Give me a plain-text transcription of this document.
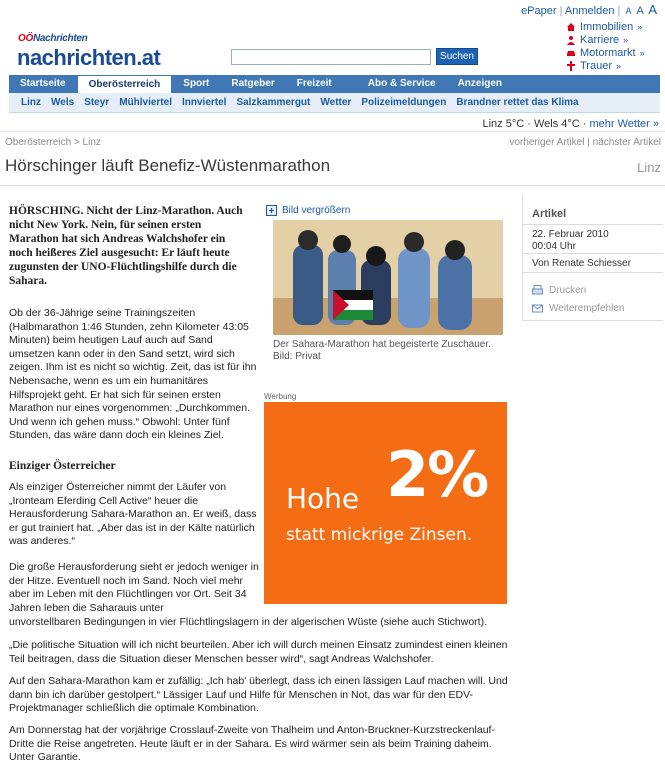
ePaper | Anmelden | A A A
OÖNachrichten
nachrichten.at	Suchen
Immobilien »
Karriere »
Motormarkt »
Trauer »
Startseite	Oberösterreich	Sport	Ratgeber	Freizeit	Abo & Service	Anzeigen
Linz	Wels	Steyr	Mühlviertel	Innviertel	Salzkammergut	Wetter	Polizeimeldungen	Brandner rettet das Klima
Linz 5°C · Wels 4°C · mehr Wetter »
Oberösterreich > Linz	vorheriger Artikel | nächster Artikel
Hörschinger läuft Benefiz-Wüstenmarathon	Linz
HÖRSCHING. Nicht der Linz-Marathon. Auch nicht New York. Nein, für seinen ersten Marathon hat sich Andreas Walchshofer ein noch heißeres Ziel ausgesucht: Er läuft heute zugunsten der UNO-Flüchtlingshilfe durch die Sahara.
Ob der 36-Jährige seine Trainingszeiten (Halbmarathon 1:46 Stunden, zehn Kilometer 43:05 Minuten) beim heutigen Lauf auch auf Sand umsetzen kann oder in den Sand setzt, wird sich zeigen. Ihm ist es nicht so wichtig. Zeit, das ist für ihn Nebensache, wenn es um ein humanitäres Hilfsprojekt geht. Er hat sich für seinen ersten Marathon nur eines vorgenommen: „Durchkommen. Und wenn ich gehen muss.“ Obwohl: Unter fünf Stunden, das wäre dann doch ein kleines Ziel.
Einziger Österreicher
Als einziger Österreicher nimmt der Läufer von „Ironteam Eferding Cell Active“ heuer die Herausforderung Sahara-Marathon an. Er weiß, dass er gut trainiert hat. „Aber das ist in der Kälte natürlich was anderes.“
Die große Herausforderung sieht er jedoch weniger in der Hitze. Eventuell noch im Sand. Noch viel mehr aber im Leben mit den Flüchtlingen vor Ort. Seit 34 Jahren leben die Saharauis unter
unvorstellbaren Bedingungen in vier Flüchtlingslagern in der algerischen Wüste (siehe auch Stichwort).
„Die politische Situation will ich nicht beurteilen. Aber ich will durch meinen Einsatz zumindest einen kleinen Teil beitragen, dass die Situation dieser Menschen besser wird“, sagt Andreas Walchshofer.
Auf den Sahara-Marathon kam er zufällig: „Ich hab' überlegt, dass ich einen lässigen Lauf machen will. Und dann bin ich darüber gestolpert.“ Lässiger Lauf und Hilfe für Menschen in Not, das war für den EDV-Projektmanager schließlich die optimale Kombination.
Am Donnerstag hat der vorjährige Crosslauf-Zweite von Thalheim und Anton-Bruckner-Kurzstreckenlauf-Dritte die Reise angetreten. Heute läuft er in der Sahara. Es wird wärmer sein als beim Training daheim. Unter Garantie.
Bild vergrößern
Der Sahara-Marathon hat begeisterte Zuschauer.
Bild: Privat
Werbung
Hohe 2%
statt mickrige Zinsen.
Artikel
22. Februar 2010
00:04 Uhr
Von Renate Schiesser
Drucken
Weiterempfehlen
